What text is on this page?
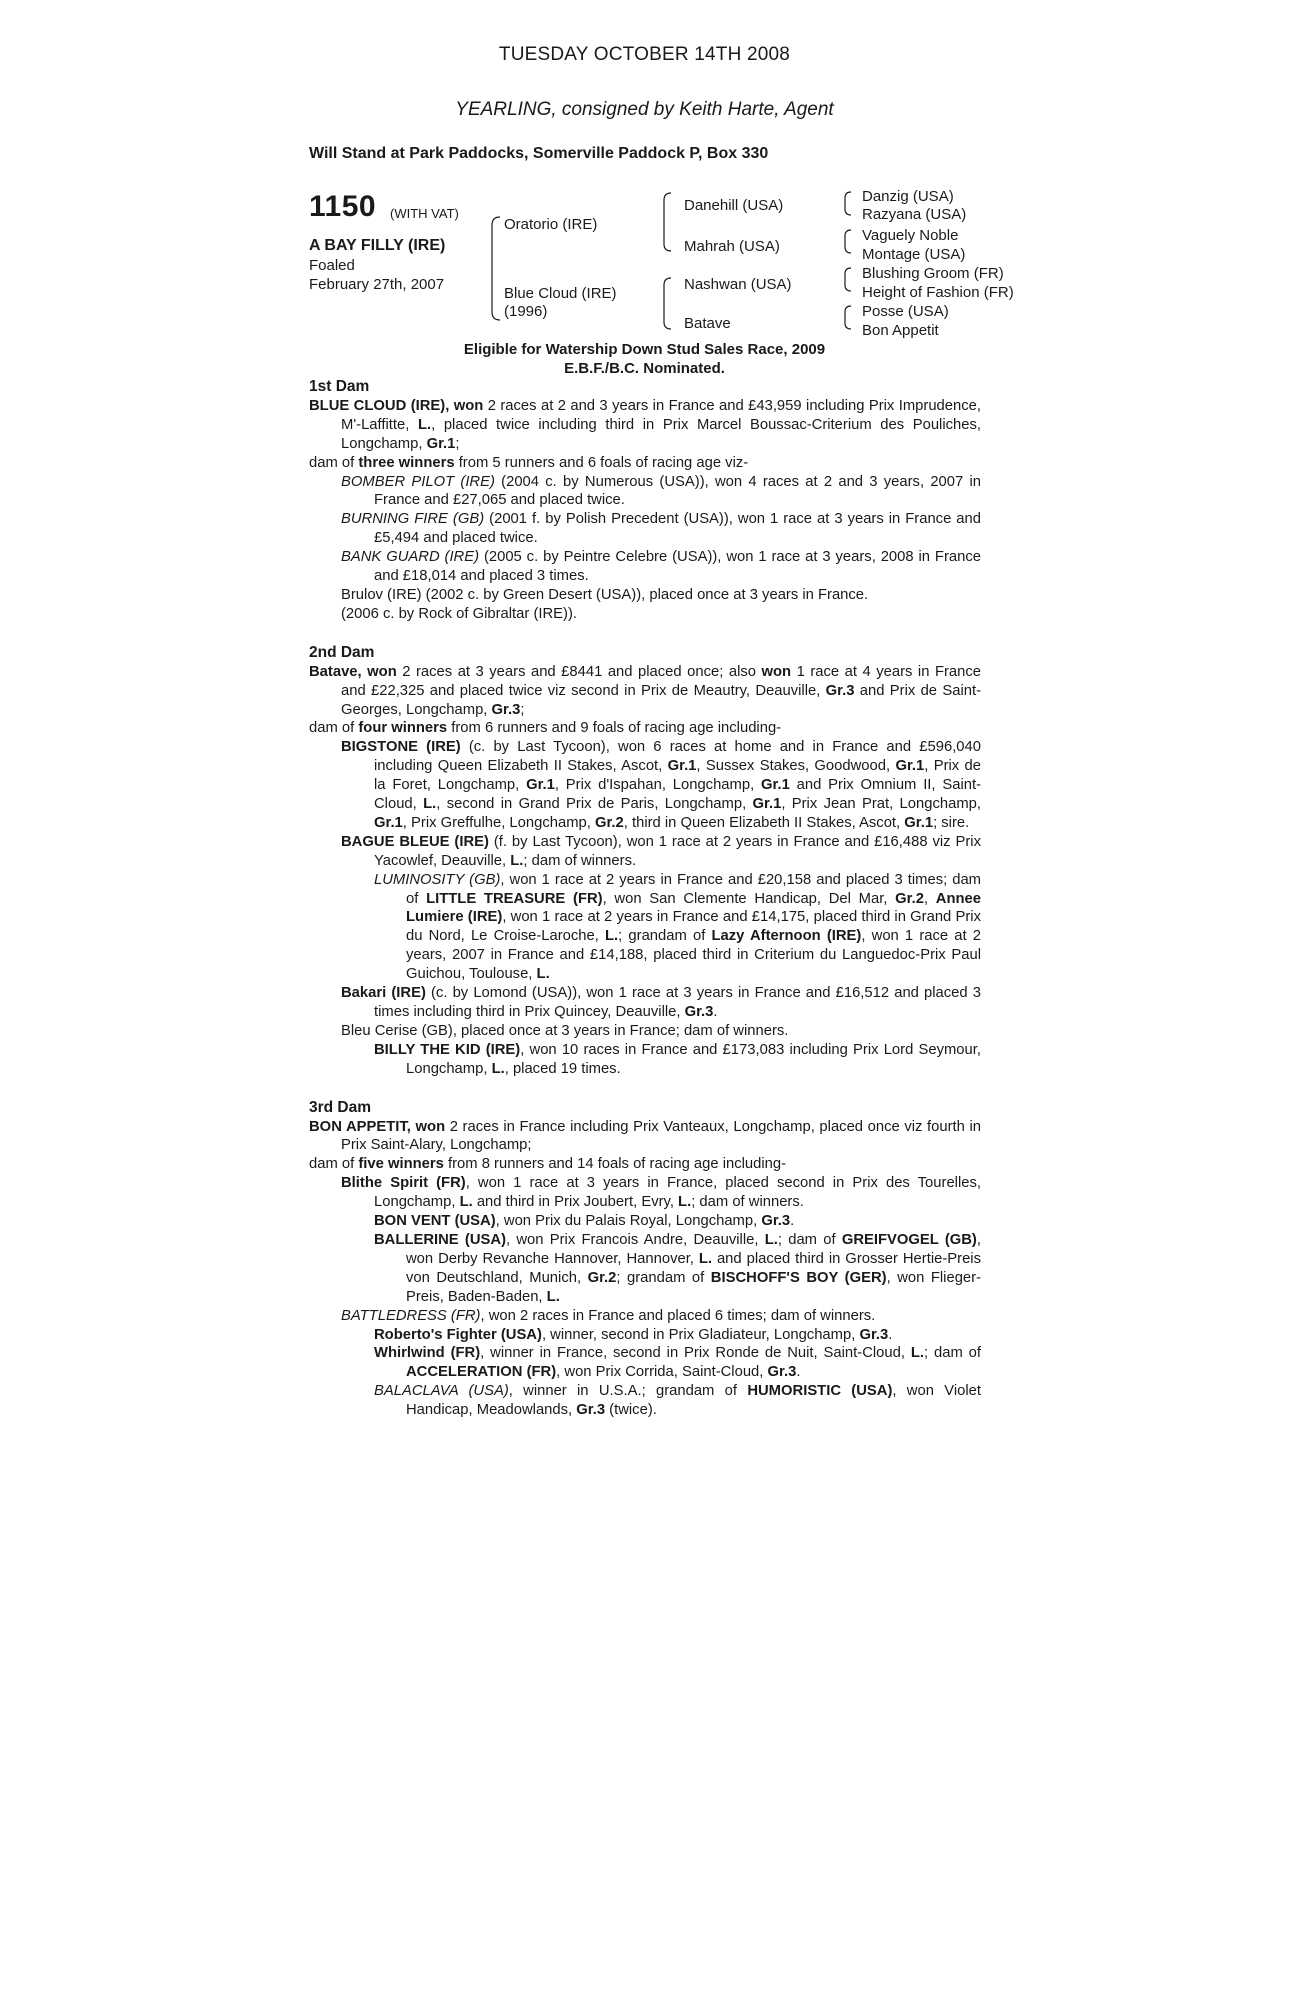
TUESDAY OCTOBER 14TH 2008
YEARLING, consigned by Keith Harte, Agent
Will Stand at Park Paddocks, Somerville Paddock P, Box 330
1150 (WITH VAT)
A BAY FILLY (IRE)
Foaled
February 27th, 2007
Oratorio (IRE)
Blue Cloud (IRE)
(1996)
Danehill (USA)
Mahrah (USA)
Nashwan (USA)
Batave
Danzig (USA)
Razyana (USA)
Vaguely Noble
Montage (USA)
Blushing Groom (FR)
Height of Fashion (FR)
Posse (USA)
Bon Appetit
Eligible for Watership Down Stud Sales Race, 2009
E.B.F./B.C. Nominated.
1st Dam

BLUE CLOUD (IRE), won 2 races at 2 and 3 years in France and £43,959 including Prix Imprudence, M'-Laffitte, L., placed twice including third in Prix Marcel Boussac-Criterium des Pouliches, Longchamp, Gr.1;

dam of three winners from 5 runners and 6 foals of racing age viz-

BOMBER PILOT (IRE) (2004 c. by Numerous (USA)), won 4 races at 2 and 3 years, 2007 in France and £27,065 and placed twice.

BURNING FIRE (GB) (2001 f. by Polish Precedent (USA)), won 1 race at 3 years in France and £5,494 and placed twice.

BANK GUARD (IRE) (2005 c. by Peintre Celebre (USA)), won 1 race at 3 years, 2008 in France and £18,014 and placed 3 times.

Brulov (IRE) (2002 c. by Green Desert (USA)), placed once at 3 years in France.

(2006 c. by Rock of Gibraltar (IRE)).

2nd Dam

Batave, won 2 races at 3 years and £8441 and placed once; also won 1 race at 4 years in France and £22,325 and placed twice viz second in Prix de Meautry, Deauville, Gr.3 and Prix de Saint-Georges, Longchamp, Gr.3;

dam of four winners from 6 runners and 9 foals of racing age including-

BIGSTONE (IRE) (c. by Last Tycoon), won 6 races at home and in France and £596,040 including Queen Elizabeth II Stakes, Ascot, Gr.1, Sussex Stakes, Goodwood, Gr.1, Prix de la Foret, Longchamp, Gr.1, Prix d'Ispahan, Longchamp, Gr.1 and Prix Omnium II, Saint-Cloud, L., second in Grand Prix de Paris, Longchamp, Gr.1, Prix Jean Prat, Longchamp, Gr.1, Prix Greffulhe, Longchamp, Gr.2, third in Queen Elizabeth II Stakes, Ascot, Gr.1; sire.

BAGUE BLEUE (IRE) (f. by Last Tycoon), won 1 race at 2 years in France and £16,488 viz Prix Yacowlef, Deauville, L.; dam of winners.

LUMINOSITY (GB), won 1 race at 2 years in France and £20,158 and placed 3 times; dam of LITTLE TREASURE (FR), won San Clemente Handicap, Del Mar, Gr.2, Annee Lumiere (IRE), won 1 race at 2 years in France and £14,175, placed third in Grand Prix du Nord, Le Croise-Laroche, L.; grandam of Lazy Afternoon (IRE), won 1 race at 2 years, 2007 in France and £14,188, placed third in Criterium du Languedoc-Prix Paul Guichou, Toulouse, L.

Bakari (IRE) (c. by Lomond (USA)), won 1 race at 3 years in France and £16,512 and placed 3 times including third in Prix Quincey, Deauville, Gr.3.

Bleu Cerise (GB), placed once at 3 years in France; dam of winners.

BILLY THE KID (IRE), won 10 races in France and £173,083 including Prix Lord Seymour, Longchamp, L., placed 19 times.

3rd Dam

BON APPETIT, won 2 races in France including Prix Vanteaux, Longchamp, placed once viz fourth in Prix Saint-Alary, Longchamp;

dam of five winners from 8 runners and 14 foals of racing age including-

Blithe Spirit (FR), won 1 race at 3 years in France, placed second in Prix des Tourelles, Longchamp, L. and third in Prix Joubert, Evry, L.; dam of winners.

BON VENT (USA), won Prix du Palais Royal, Longchamp, Gr.3.

BALLERINE (USA), won Prix Francois Andre, Deauville, L.; dam of GREIFVOGEL (GB), won Derby Revanche Hannover, Hannover, L. and placed third in Grosser Hertie-Preis von Deutschland, Munich, Gr.2; grandam of BISCHOFF'S BOY (GER), won Flieger-Preis, Baden-Baden, L.

BATTLEDRESS (FR), won 2 races in France and placed 6 times; dam of winners.

Roberto's Fighter (USA), winner, second in Prix Gladiateur, Longchamp, Gr.3.

Whirlwind (FR), winner in France, second in Prix Ronde de Nuit, Saint-Cloud, L.; dam of ACCELERATION (FR), won Prix Corrida, Saint-Cloud, Gr.3.

BALACLAVA (USA), winner in U.S.A.; grandam of HUMORISTIC (USA), won Violet Handicap, Meadowlands, Gr.3 (twice).
